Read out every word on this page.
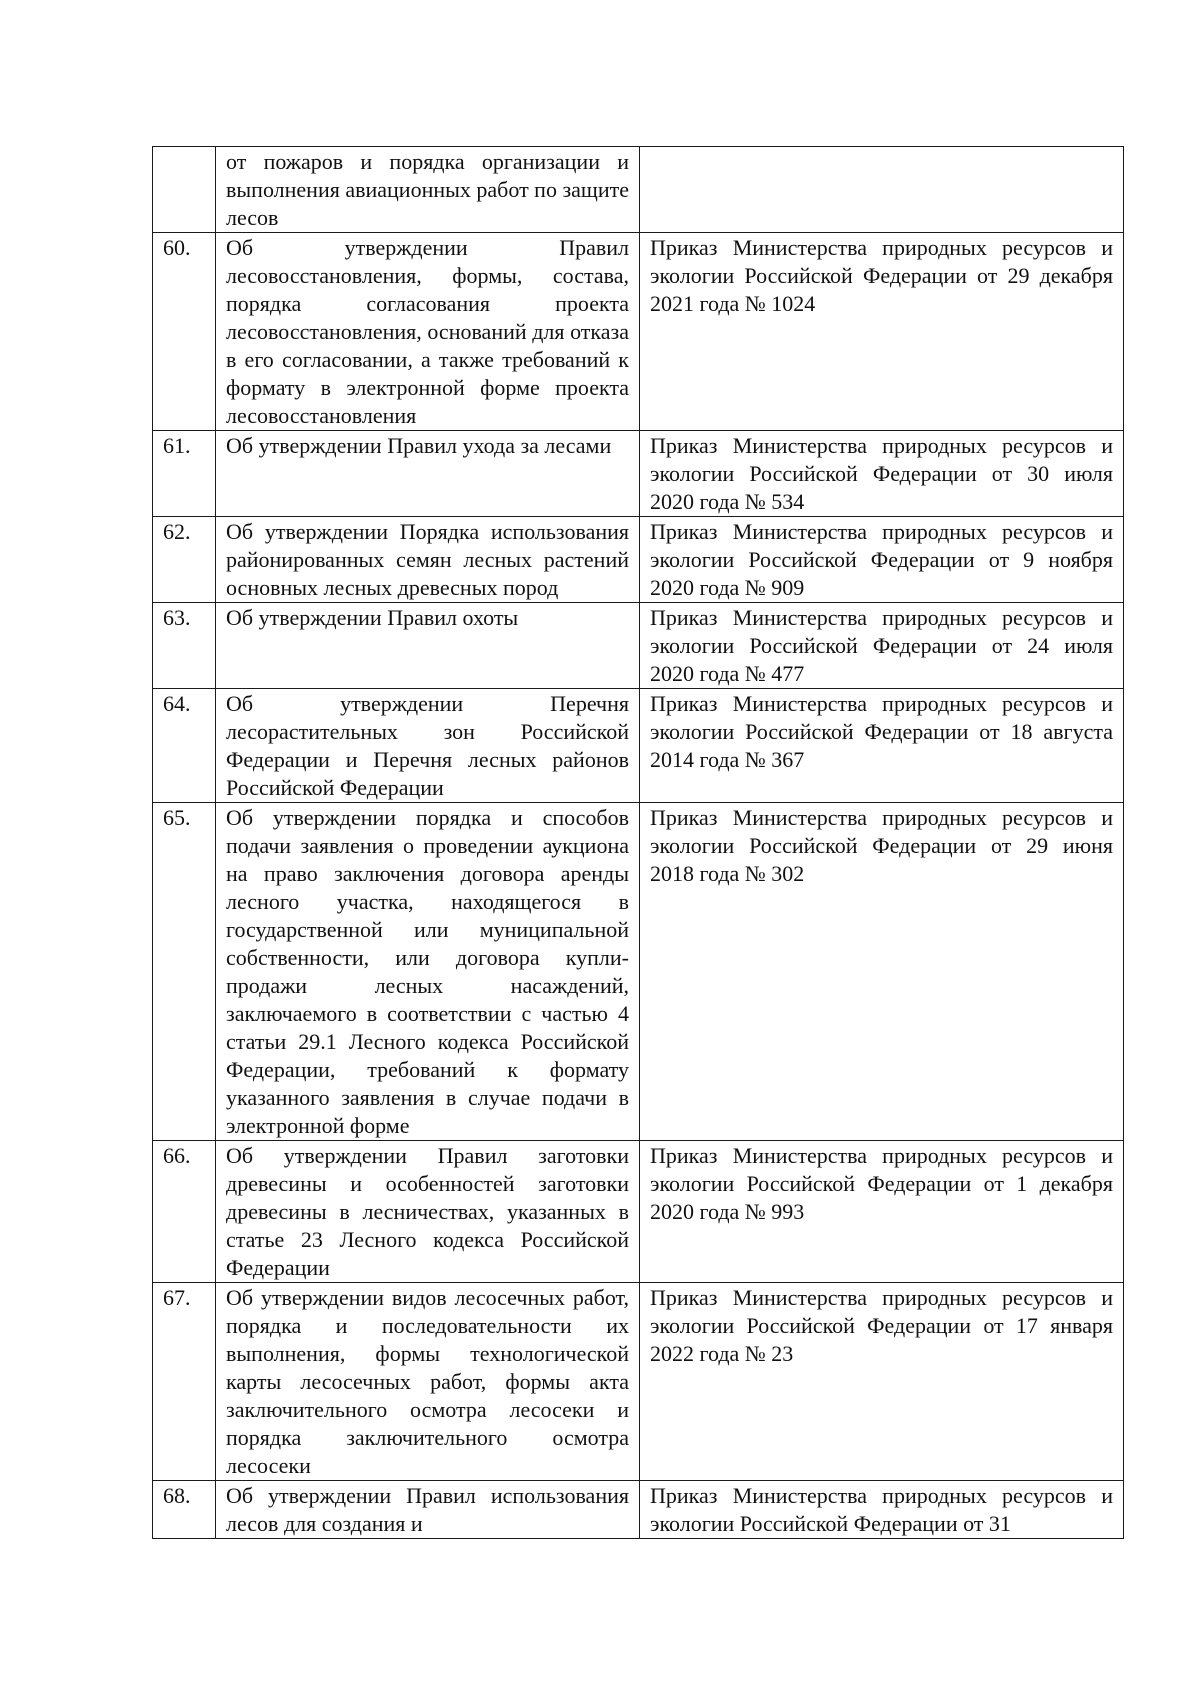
	от пожаров и порядка организации и выполнения авиационных работ по защите лесов	
60.	Об утверждении Правил лесовосстановления, формы, состава, порядка согласования проекта лесовосстановления, оснований для отказа в его согласовании, а также требований к формату в электронной форме проекта лесовосстановления	Приказ Министерства природных ресурсов и экологии Российской Федерации от 29 декабря 2021 года № 1024
61.	Об утверждении Правил ухода за лесами	Приказ Министерства природных ресурсов и экологии Российской Федерации от 30 июля 2020 года № 534
62.	Об утверждении Порядка использования районированных семян лесных растений основных лесных древесных пород	Приказ Министерства природных ресурсов и экологии Российской Федерации от 9 ноября 2020 года № 909
63.	Об утверждении Правил охоты	Приказ Министерства природных ресурсов и экологии Российской Федерации от 24 июля 2020 года № 477
64.	Об утверждении Перечня лесорастительных зон Российской Федерации и Перечня лесных районов Российской Федерации	Приказ Министерства природных ресурсов и экологии Российской Федерации от 18 августа 2014 года № 367
65.	Об утверждении порядка и способов подачи заявления о проведении аукциона на право заключения договора аренды лесного участка, находящегося в государственной или муниципальной собственности, или договора купли-продажи лесных насаждений, заключаемого в соответствии с частью 4 статьи 29.1 Лесного кодекса Российской Федерации, требований к формату указанного заявления в случае подачи в электронной форме	Приказ Министерства природных ресурсов и экологии Российской Федерации от 29 июня 2018 года № 302
66.	Об утверждении Правил заготовки древесины и особенностей заготовки древесины в лесничествах, указанных в статье 23 Лесного кодекса Российской Федерации	Приказ Министерства природных ресурсов и экологии Российской Федерации от 1 декабря 2020 года № 993
67.	Об утверждении видов лесосечных работ, порядка и последовательности их выполнения, формы технологической карты лесосечных работ, формы акта заключительного осмотра лесосеки и порядка заключительного осмотра лесосеки	Приказ Министерства природных ресурсов и экологии Российской Федерации от 17 января 2022 года № 23
68.	Об утверждении Правил использования лесов для создания и	Приказ Министерства природных ресурсов и экологии Российской Федерации от 31
